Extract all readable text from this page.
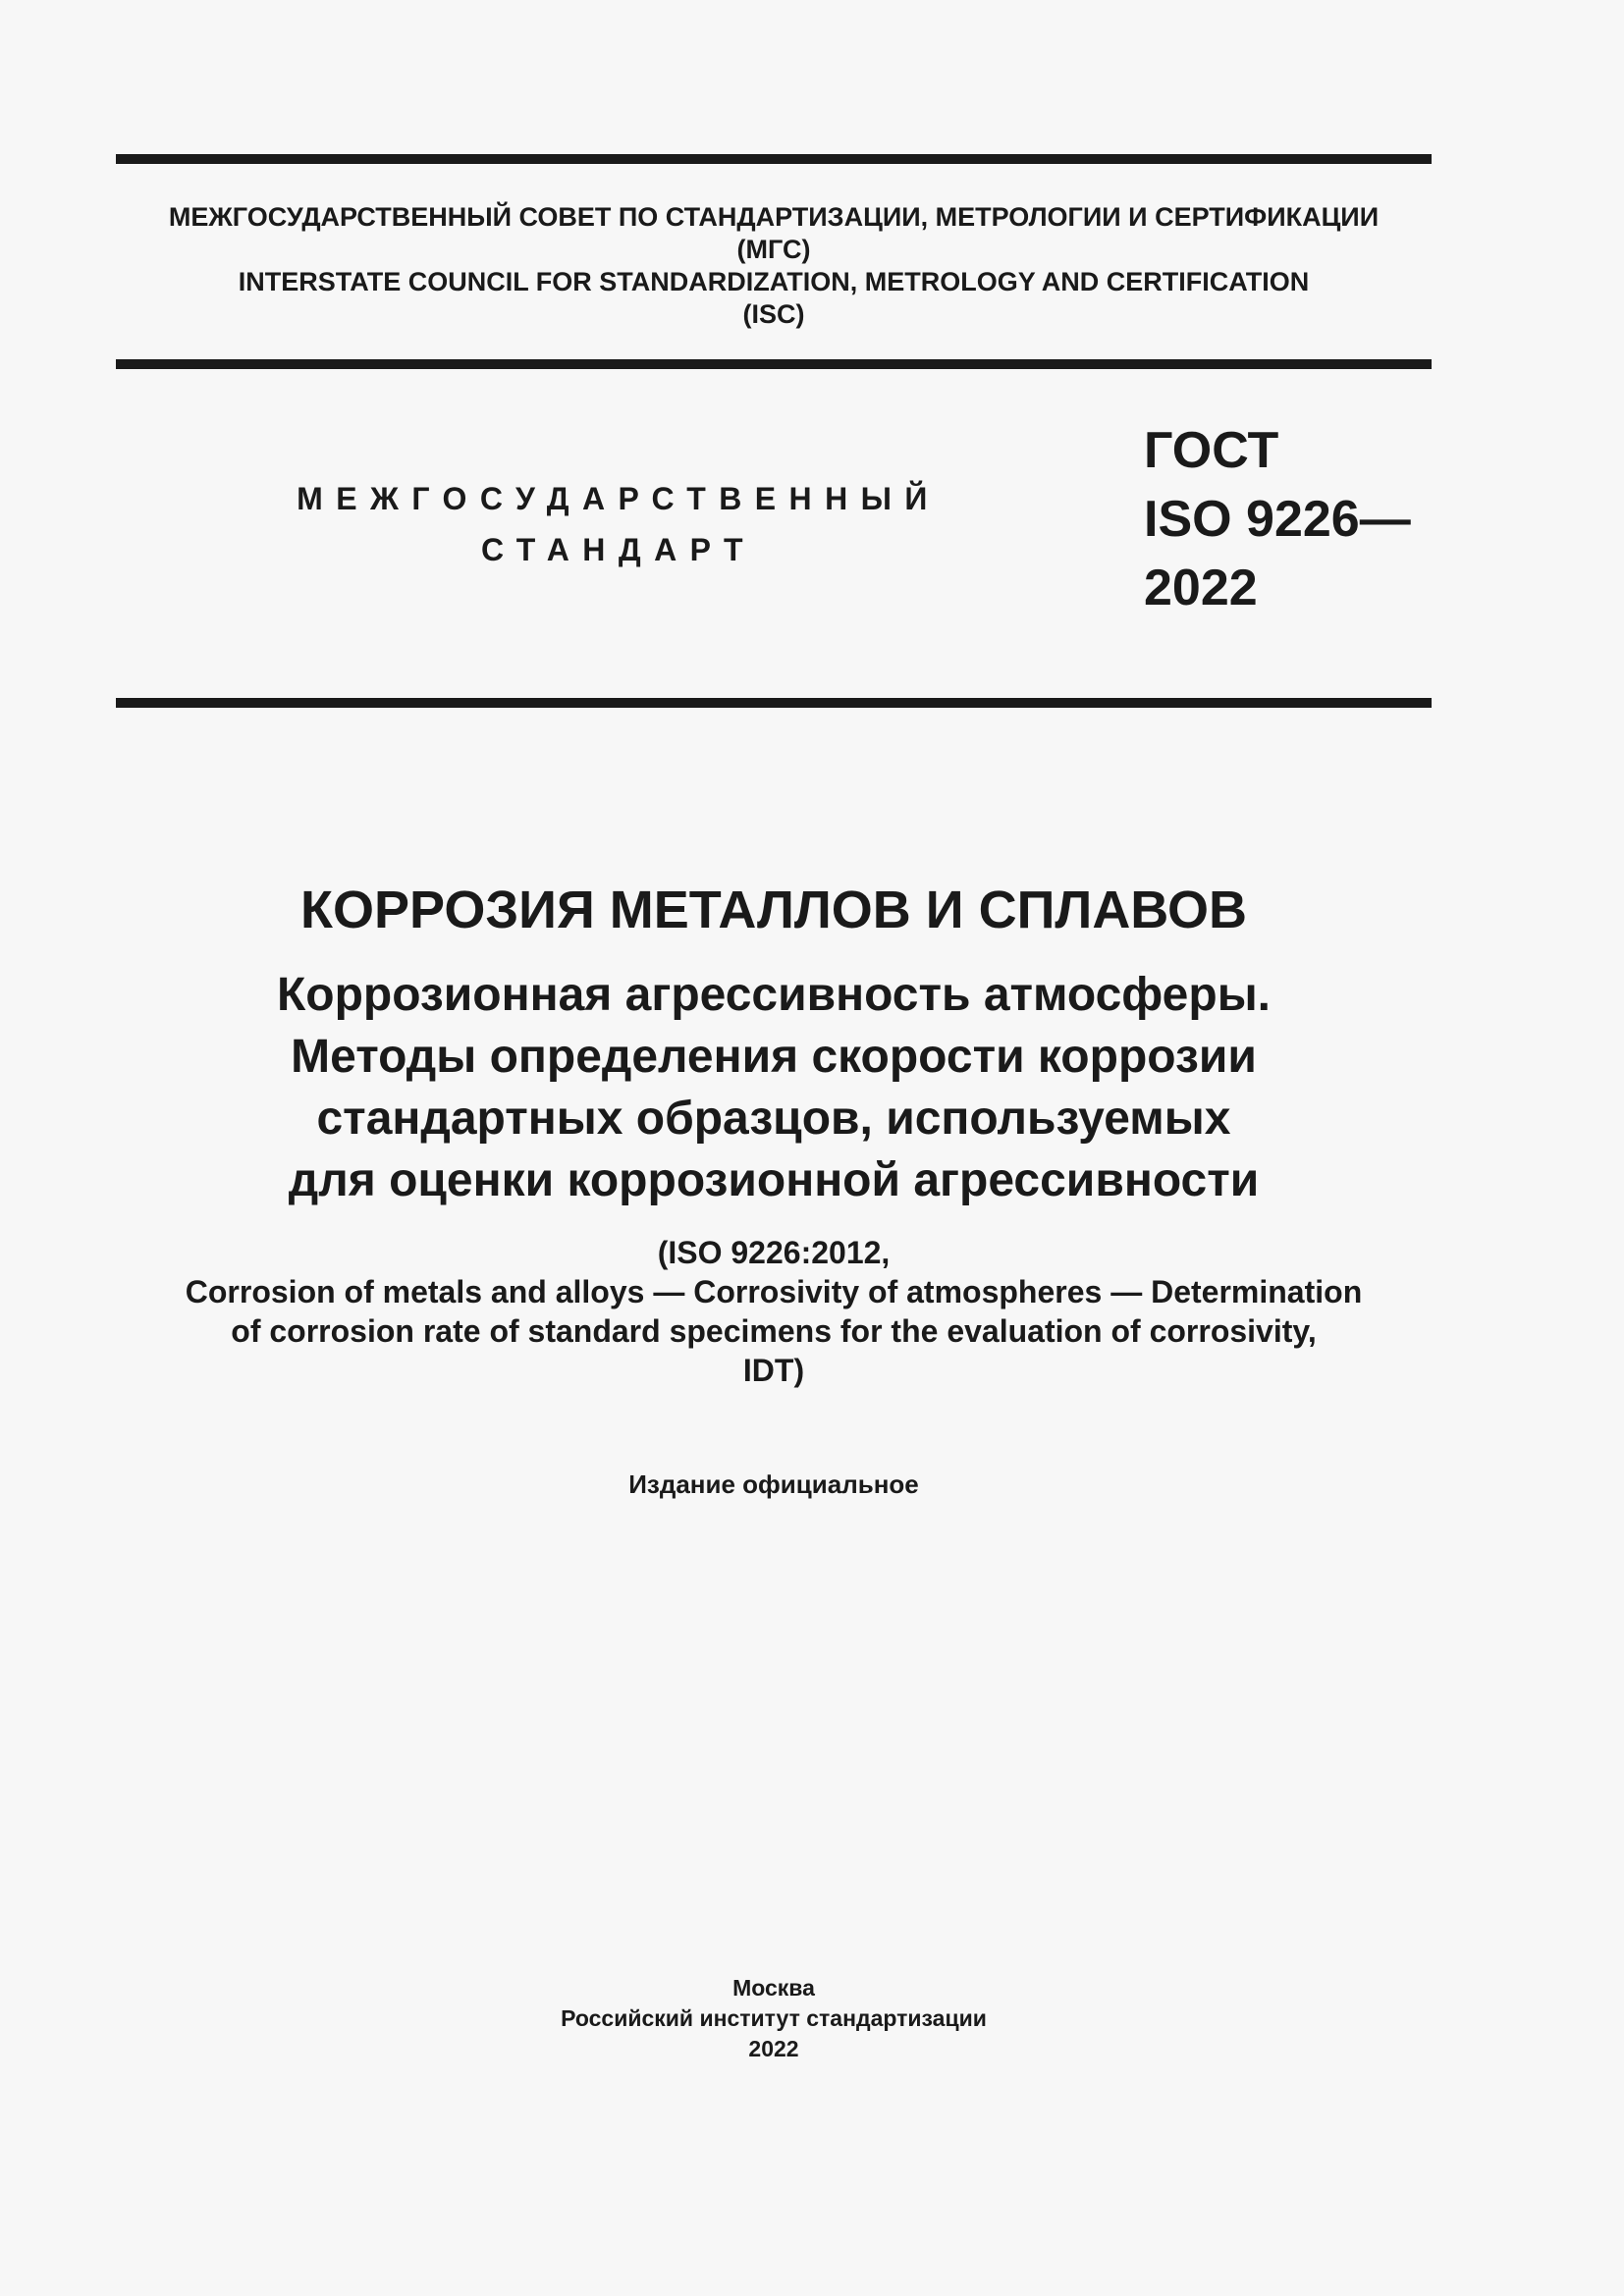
МЕЖГОСУДАРСТВЕННЫЙ СОВЕТ ПО СТАНДАРТИЗАЦИИ, МЕТРОЛОГИИ И СЕРТИФИКАЦИИ
(МГС)
INTERSTATE COUNCIL FOR STANDARDIZATION, METROLOGY AND CERTIFICATION
(ISC)
МЕЖГОСУДАРСТВЕННЫЙ
СТАНДАРТ
ГОСТ
ISO 9226—
2022
КОРРОЗИЯ МЕТАЛЛОВ И СПЛАВОВ
Коррозионная агрессивность атмосферы.
Методы определения скорости коррозии
стандартных образцов, используемых
для оценки коррозионной агрессивности
(ISO 9226:2012,
Corrosion of metals and alloys — Corrosivity of atmospheres — Determination
of corrosion rate of standard specimens for the evaluation of corrosivity,
IDT)
Издание официальное
Москва
Российский институт стандартизации
2022
